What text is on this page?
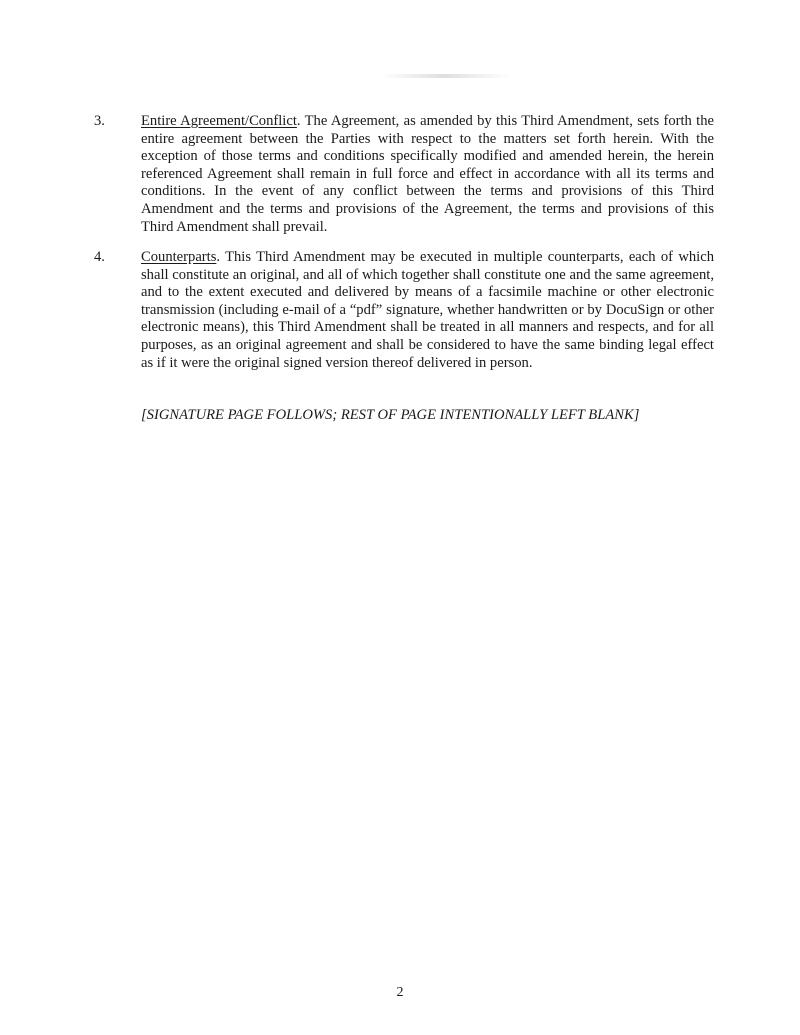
3.	Entire Agreement/Conflict. The Agreement, as amended by this Third Amendment, sets forth the entire agreement between the Parties with respect to the matters set forth herein. With the exception of those terms and conditions specifically modified and amended herein, the herein referenced Agreement shall remain in full force and effect in accordance with all its terms and conditions. In the event of any conflict between the terms and provisions of this Third Amendment and the terms and provisions of the Agreement, the terms and provisions of this Third Amendment shall prevail.
4.	Counterparts. This Third Amendment may be executed in multiple counterparts, each of which shall constitute an original, and all of which together shall constitute one and the same agreement, and to the extent executed and delivered by means of a facsimile machine or other electronic transmission (including e-mail of a “pdf” signature, whether handwritten or by DocuSign or other electronic means), this Third Amendment shall be treated in all manners and respects, and for all purposes, as an original agreement and shall be considered to have the same binding legal effect as if it were the original signed version thereof delivered in person.
[SIGNATURE PAGE FOLLOWS; REST OF PAGE INTENTIONALLY LEFT BLANK]
2
